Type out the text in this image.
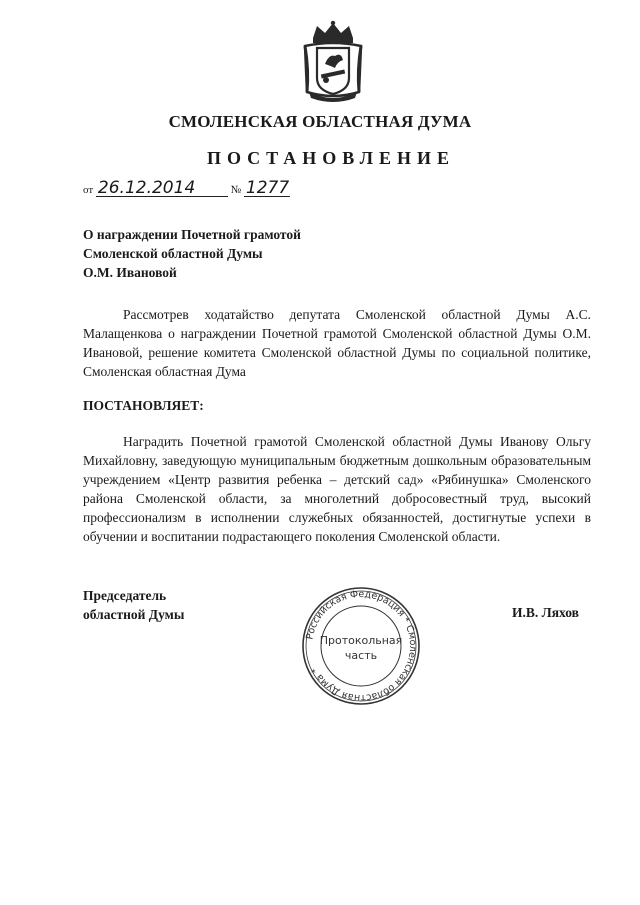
СМОЛЕНСКАЯ ОБЛАСТНАЯ ДУМА
ПОСТАНОВЛЕНИЕ
от 26.12.2014	№ 1277
О награждении Почетной грамотой
Смоленской областной Думы
О.М. Ивановой
Рассмотрев ходатайство депутата Смоленской областной Думы А.С. Малащенкова о награждении Почетной грамотой Смоленской областной Думы О.М. Ивановой, решение комитета Смоленской областной Думы по социальной политике, Смоленская областная Дума
ПОСТАНОВЛЯЕТ:
Наградить Почетной грамотой Смоленской областной Думы Иванову Ольгу Михайловну, заведующую муниципальным бюджетным дошкольным образовательным учреждением «Центр развития ребенка – детский сад» «Рябинушка» Смоленского района Смоленской области, за многолетний добросовестный труд, высокий профессионализм в исполнении служебных обязанностей, достигнутые успехи в обучении и воспитании подрастающего поколения Смоленской области.
Председатель
областной Думы
Российская Федерация * Смоленская областная Дума *
Протокольная
часть
И.В. Ляхов
